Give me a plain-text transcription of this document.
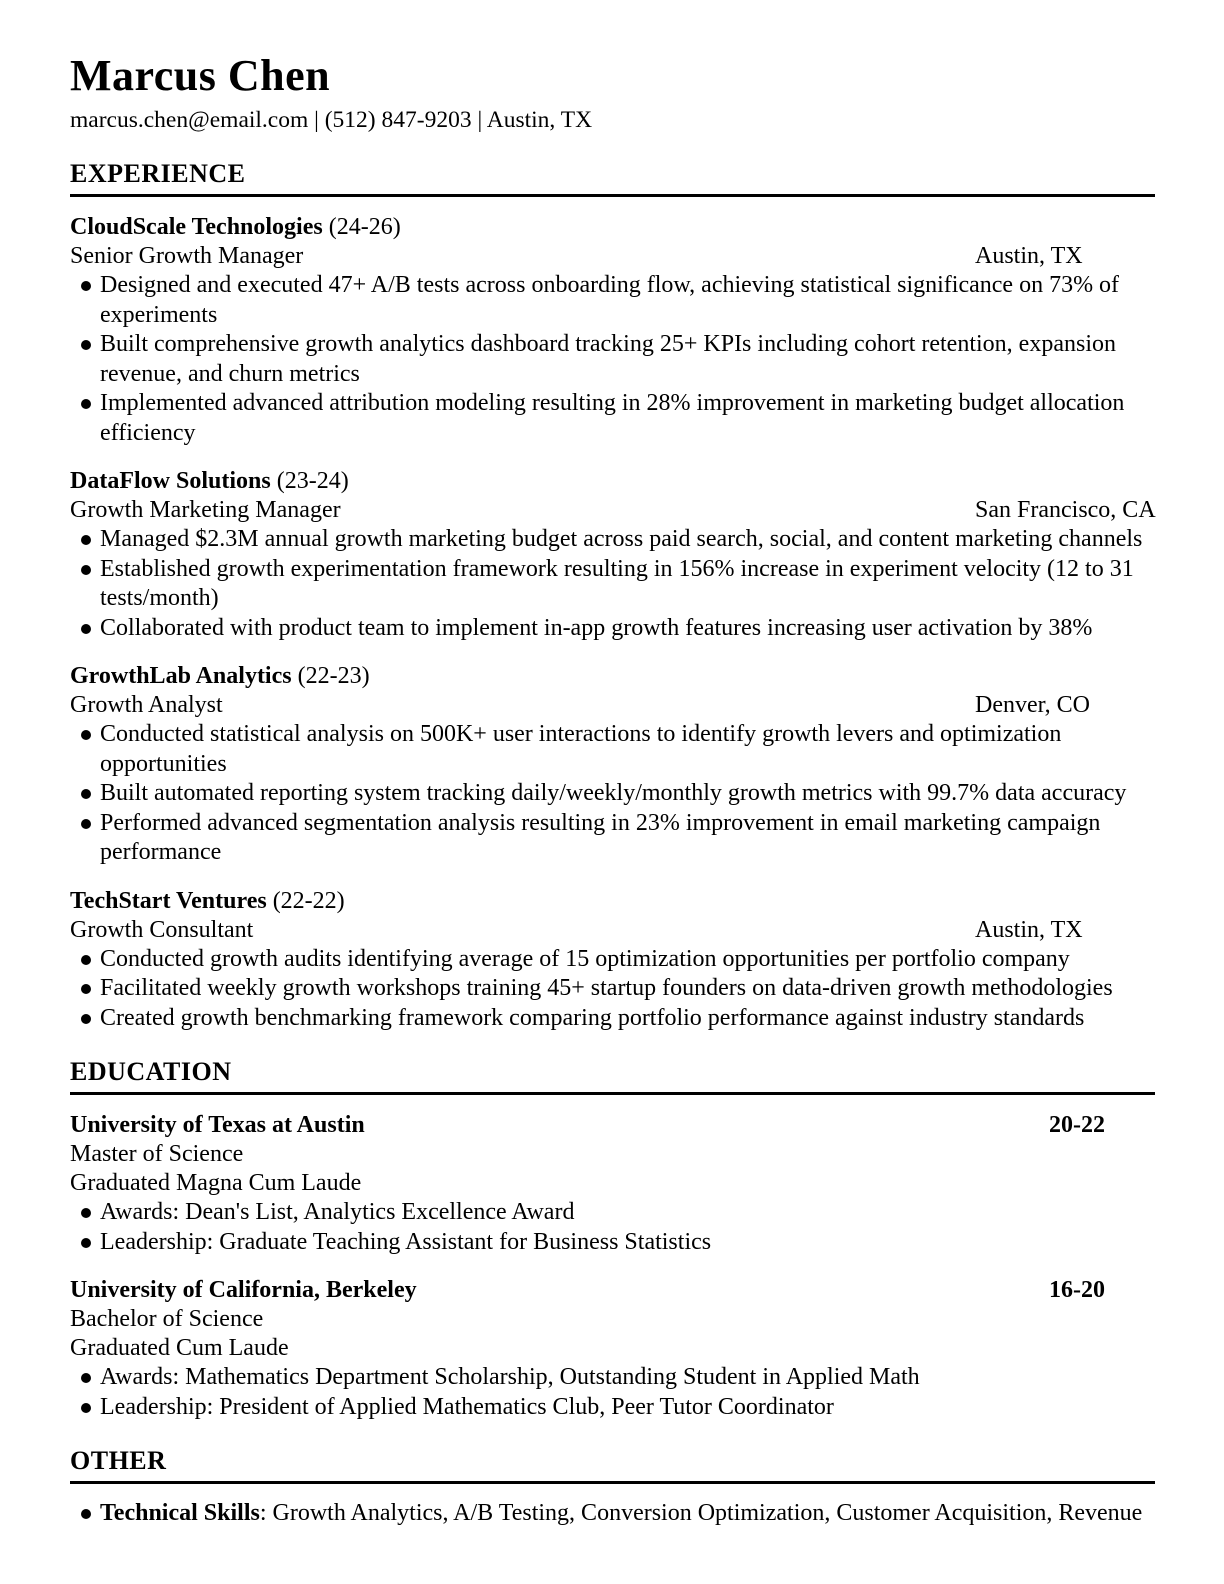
Marcus Chen
marcus.chen@email.com | (512) 847-9203 | Austin, TX
EXPERIENCE
CloudScale Technologies (24-26)
Senior Growth Manager	Austin, TX
Designed and executed 47+ A/B tests across onboarding flow, achieving statistical significance on 73% of experiments
Built comprehensive growth analytics dashboard tracking 25+ KPIs including cohort retention, expansion revenue, and churn metrics
Implemented advanced attribution modeling resulting in 28% improvement in marketing budget allocation efficiency
DataFlow Solutions (23-24)
Growth Marketing Manager	San Francisco, CA
Managed $2.3M annual growth marketing budget across paid search, social, and content marketing channels
Established growth experimentation framework resulting in 156% increase in experiment velocity (12 to 31 tests/month)
Collaborated with product team to implement in-app growth features increasing user activation by 38%
GrowthLab Analytics (22-23)
Growth Analyst	Denver, CO
Conducted statistical analysis on 500K+ user interactions to identify growth levers and optimization opportunities
Built automated reporting system tracking daily/weekly/monthly growth metrics with 99.7% data accuracy
Performed advanced segmentation analysis resulting in 23% improvement in email marketing campaign performance
TechStart Ventures (22-22)
Growth Consultant	Austin, TX
Conducted growth audits identifying average of 15 optimization opportunities per portfolio company
Facilitated weekly growth workshops training 45+ startup founders on data-driven growth methodologies
Created growth benchmarking framework comparing portfolio performance against industry standards
EDUCATION
University of Texas at Austin	20-22
Master of Science
Graduated Magna Cum Laude
Awards: Dean's List, Analytics Excellence Award
Leadership: Graduate Teaching Assistant for Business Statistics
University of California, Berkeley	16-20
Bachelor of Science
Graduated Cum Laude
Awards: Mathematics Department Scholarship, Outstanding Student in Applied Math
Leadership: President of Applied Mathematics Club, Peer Tutor Coordinator
OTHER
Technical Skills: Growth Analytics, A/B Testing, Conversion Optimization, Customer Acquisition, Revenue
